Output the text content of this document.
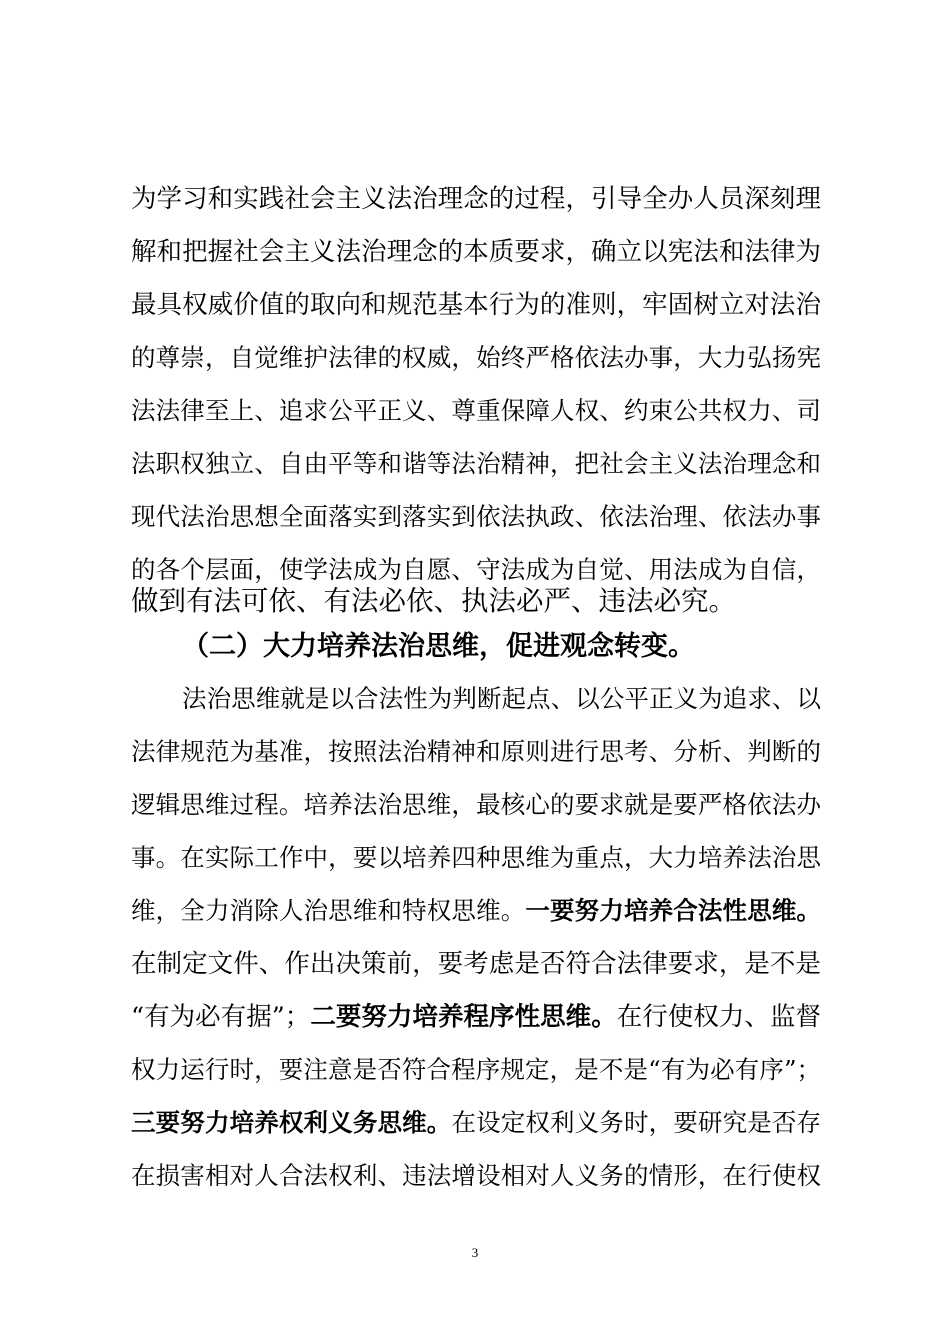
为学习和实践社会主义法治理念的过程，引导全办人员深刻理
解和把握社会主义法治理念的本质要求，确立以宪法和法律为
最具权威价值的取向和规范基本行为的准则，牢固树立对法治
的尊崇，自觉维护法律的权威，始终严格依法办事，大力弘扬宪
法法律至上、追求公平正义、尊重保障人权、约束公共权力、司
法职权独立、自由平等和谐等法治精神，把社会主义法治理念和
现代法治思想全面落实到落实到依法执政、依法治理、依法办事
的各个层面，使学法成为自愿、守法成为自觉、用法成为自信，
做到有法可依、有法必依、执法必严、违法必究。
（二）大力培养法治思维，促进观念转变。
法治思维就是以合法性为判断起点、以公平正义为追求、以
法律规范为基准，按照法治精神和原则进行思考、分析、判断的
逻辑思维过程。培养法治思维，最核心的要求就是要严格依法办
事。在实际工作中，要以培养四种思维为重点，大力培养法治思
维，全力消除人治思维和特权思维。一要努力培养合法性思维。
在制定文件、作出决策前，要考虑是否符合法律要求，是不是
“有为必有据”；二要努力培养程序性思维。在行使权力、监督
权力运行时，要注意是否符合程序规定，是不是“有为必有序”；
三要努力培养权利义务思维。在设定权利义务时，要研究是否存
在损害相对人合法权利、违法增设相对人义务的情形，在行使权
3
